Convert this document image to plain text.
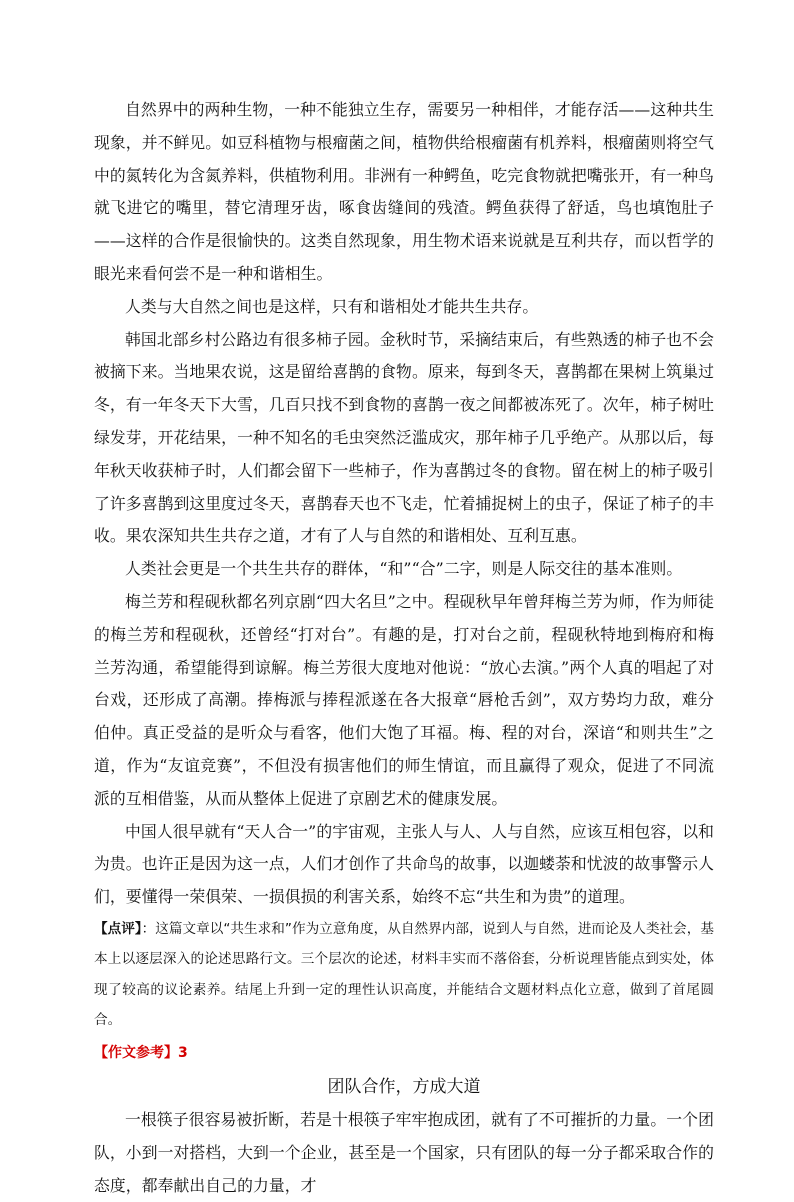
自然界中的两种生物，一种不能独立生存，需要另一种相伴，才能存活——这种共生现象，并不鲜见。如豆科植物与根瘤菌之间，植物供给根瘤菌有机养料，根瘤菌则将空气中的氮转化为含氮养料，供植物利用。非洲有一种鳄鱼，吃完食物就把嘴张开，有一种鸟就飞进它的嘴里，替它清理牙齿，啄食齿缝间的残渣。鳄鱼获得了舒适，鸟也填饱肚子——这样的合作是很愉快的。这类自然现象，用生物术语来说就是互利共存，而以哲学的眼光来看何尝不是一种和谐相生。

人类与大自然之间也是这样，只有和谐相处才能共生共存。

韩国北部乡村公路边有很多柿子园。金秋时节，采摘结束后，有些熟透的柿子也不会被摘下来。当地果农说，这是留给喜鹊的食物。原来，每到冬天，喜鹊都在果树上筑巢过冬，有一年冬天下大雪，几百只找不到食物的喜鹊一夜之间都被冻死了。次年，柿子树吐绿发芽，开花结果，一种不知名的毛虫突然泛滥成灾，那年柿子几乎绝产。从那以后，每年秋天收获柿子时，人们都会留下一些柿子，作为喜鹊过冬的食物。留在树上的柿子吸引了许多喜鹊到这里度过冬天，喜鹊春天也不飞走，忙着捕捉树上的虫子，保证了柿子的丰收。果农深知共生共存之道，才有了人与自然的和谐相处、互利互惠。

人类社会更是一个共生共存的群体，“和”“合”二字，则是人际交往的基本准则。

梅兰芳和程砚秋都名列京剧“四大名旦”之中。程砚秋早年曾拜梅兰芳为师，作为师徒的梅兰芳和程砚秋，还曾经“打对台”。有趣的是，打对台之前，程砚秋特地到梅府和梅兰芳沟通，希望能得到谅解。梅兰芳很大度地对他说：“放心去演。”两个人真的唱起了对台戏，还形成了高潮。捧梅派与捧程派遂在各大报章“唇枪舌剑”，双方势均力敌，难分伯仲。真正受益的是听众与看客，他们大饱了耳福。梅、程的对台，深谙“和则共生”之道，作为“友谊竞赛”，不但没有损害他们的师生情谊，而且赢得了观众，促进了不同流派的互相借鉴，从而从整体上促进了京剧艺术的健康发展。

中国人很早就有“天人合一”的宇宙观，主张人与人、人与自然，应该互相包容，以和为贵。也许正是因为这一点，人们才创作了共命鸟的故事，以迦蝼荼和忧波的故事警示人们，要懂得一荣俱荣、一损俱损的利害关系，始终不忘“共生和为贵”的道理。

【点评】：这篇文章以“共生求和”作为立意角度，从自然界内部，说到人与自然，进而论及人类社会，基本上以逐层深入的论述思路行文。三个层次的论述，材料丰实而不落俗套，分析说理皆能点到实处，体现了较高的议论素养。结尾上升到一定的理性认识高度，并能结合文题材料点化立意，做到了首尾圆合。

【作文参考】3

团队合作，方成大道

一根筷子很容易被折断，若是十根筷子牢牢抱成团，就有了不可摧折的力量。一个团队，小到一对搭档，大到一个企业，甚至是一个国家，只有团队的每一分子都采取合作的态度，都奉献出自己的力量，才
